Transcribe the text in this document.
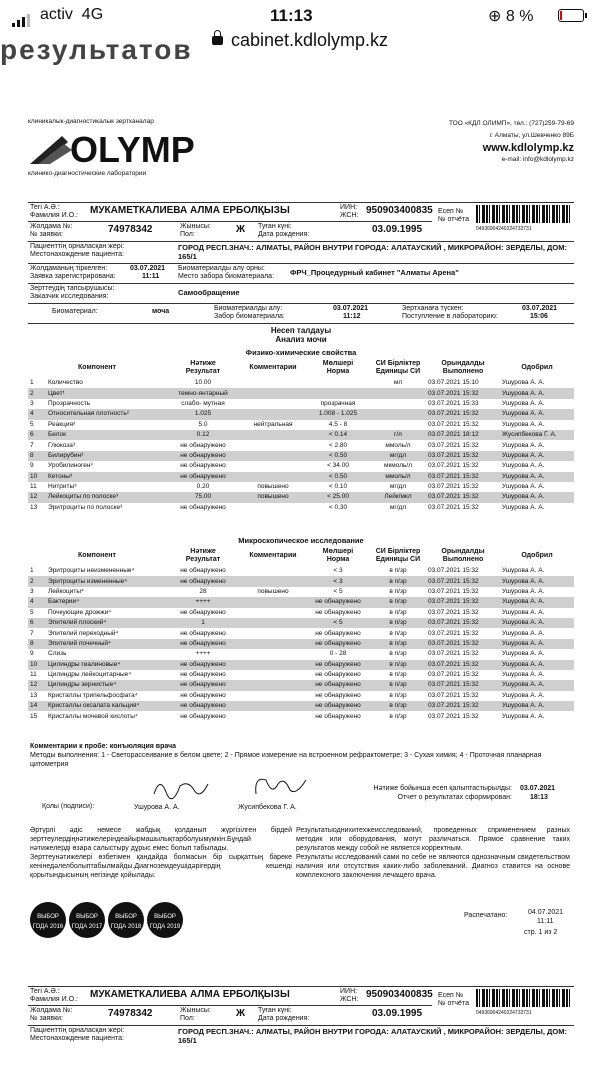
activ 4G	11:13	⊕ 8 %
cabinet.kdlolymp.kz
результатов
клиникалык-диагностикалык зертханалар
OLYMP
клинико-диагностические лаборатории
ТОО «КДЛ ОЛИМП», тел.: (727)259-79-69
г. Алматы, ул.Шевченко 89Б
www.kdlolymp.kz
e-mail: info@kdlolymp.kz
Тегі А.Ә.:
Фамилия И.О.: МУКАМЕТКАЛИЕВА АЛМА ЕРБОЛҚЫЗЫ	ИИН:
ЖСН: 950903400835 Есеп №
№ отчёта
04936904240224733731
Жолдама №:
№ заявки:	74978342	Жынысы:
Пол:	Ж Туған күні:
Дата рождения:	03.09.1995
Пациенттің орналасқан жері:
Местонахождение пациента:
ГОРОД РЕСП.ЗНАЧ.: АЛМАТЫ, РАЙОН ВНУТРИ ГОРОДА: АЛАТАУСКИЙ , МИКРОРАЙОН: ЗЕРДЕЛЫ, ДОМ: 165/1
Жолдаманың тіркелген:
Заявка зарегистрирована:
03.07.2021
11:11
Биоматериалды алу орны:
Место забора биоматериала: ФРЧ_Процедурный кабинет "Алматы Арена"
Зерттеудің тапсырушысы:
Заказчик исследования:	Самообращение
Биоматериал:	моча	Биоматериалды алу:
Забор биоматериала:
03.07.2021
11:12
Зертханаға түскен:
Поступление в лабораторию:
03.07.2021
15:06
Несеп талдауы
Анализ мочи
Физико-химические свойства
Компонент		Нәтиже
Результат	Комментарии	Мөлшері
Норма	СИ Бірліктер
Единицы СИ	Орындалды
Выполнено	Одобрил
1	Количество	10.00			мл	03.07.2021 15:10	Ушурова А. А.
2	Цвет¹	темно-янтарный				03.07.2021 15:32	Ушурова А. А.
3	Прозрачность	слабо- мутная		прозрачная		03.07.2021 15:33	Ушурова А. А.
4	Относительная плотность²	1.025		1.008 - 1.025		03.07.2021 15:32	Ушурова А. А.
5	Реакция³	5.0	нейтральная	4.5 - 8		03.07.2021 15:32	Ушурова А. А.
6	Белок	0.12		< 0.14	г/л	03.07.2021 18:12	Жусипбекова Г. А.
7	Глюкоза³	не обнаружено		< 2.80	ммоль/л	03.07.2021 15:32	Ушурова А. А.
8	Билирубин³	не обнаружено		< 0.50	мг/дл	03.07.2021 15:32	Ушурова А. А.
9	Уробилиноген³	не обнаружено		< 34.00	мкмоль/л	03.07.2021 15:32	Ушурова А. А.
10	Кетоны³	не обнаружено		< 0.50	ммоль/л	03.07.2021 15:32	Ушурова А. А.
11	Нитриты³	0.20	повышено	< 0.10	мг/дл	03.07.2021 15:32	Ушурова А. А.
12	Лейкоциты по полоске³	75.00	повышено	< 25.00	Лейк/мкл	03.07.2021 15:32	Ушурова А. А.
13	Эритроциты по полоске³	не обнаружено		< 0.30	мг/дл	03.07.2021 15:32	Ушурова А. А.
Микроскопическое исследование
Компонент		Нәтиже
Результат	Комментарии	Мөлшері
Норма	СИ Бірліктер
Единицы СИ	Орындалды
Выполнено	Одобрил
1	Эритроциты неизмененные⁴	не обнаружено		< 3	в п/зр	03.07.2021 15:32	Ушурова А. А.
2	Эритроциты измененные⁴	не обнаружено		< 3	в п/зр	03.07.2021 15:32	Ушурова А. А.
3	Лейкоциты⁴	28	повышено	< 5	в п/зр	03.07.2021 15:32	Ушурова А. А.
4	Бактерии⁴	++++		не обнаружено	в п/зр	03.07.2021 15:32	Ушурова А. А.
5	Почкующие дрожжи⁴	не обнаружено		не обнаружено	в п/зр	03.07.2021 15:32	Ушурова А. А.
6	Эпителий плоский⁴	1		< 5	в п/зр	03.07.2021 15:32	Ушурова А. А.
7	Эпителий переходный⁴	не обнаружено		не обнаружено	в п/зр	03.07.2021 15:32	Ушурова А. А.
8	Эпителий почечный⁴	не обнаружено		не обнаружено	в п/зр	03.07.2021 15:32	Ушурова А. А.
9	Слизь	++++		0 - 28	в п/зр	03.07.2021 15:32	Ушурова А. А.
10	Цилиндры гиалиновые⁴	не обнаружено		не обнаружено	в п/зр	03.07.2021 15:32	Ушурова А. А.
11	Цилиндры лейкоцитарные⁴	не обнаружено		не обнаружено	в п/зр	03.07.2021 15:32	Ушурова А. А.
12	Цилиндры зернистые⁴	не обнаружено		не обнаружено	в п/зр	03.07.2021 15:32	Ушурова А. А.
13	Кристаллы трипельфосфата⁴	не обнаружено		не обнаружено	в п/зр	03.07.2021 15:32	Ушурова А. А.
14	Кристаллы оксалата кальция⁴	не обнаружено		не обнаружено	в п/зр	03.07.2021 15:32	Ушурова А. А.
15	Кристаллы мочевой кислоты⁴	не обнаружено		не обнаружено	в п/зр	03.07.2021 15:32	Ушурова А. А.
Комментарии к пробе: конъюляция врача
Методы выполнения: 1 - Светорассеивание в белом цвете; 2 - Прямое измерение на встроенном рефрактометре; 3 - Сухая химия; 4 - Проточная планарная цитометрия
Қолы (подписи):	Ушурова А. А.	Жусипбекова Г. А.
Нәтиже бойынша есеп қалыптастырылды:
Отчет о результатах сформирован:
03.07.2021
18:13
Әртүрлі әдіс немесе жабдық қолданып жүргізілген бірдей зерттеулердіңнәтижелеріндеайырмашылықтарболуымүмкін.Бұндай нәтижелерді өзара салыстыру дұрыс емес болып табылады.
Зерттеунәтижелері өзбетімен қандайда болмасын бір сырқаттың бареке кенінедәлелболыптабылмайды.Диагноземдеушідәрігердің кешенді қорытындысының негізінде қойылады.
Результатыоднихитехжеисследований, проведенных сприменением разных методик или оборудования, могут различаться. Прямое сравнение таких результатов между собой не является корректным.
Результаты исследований сами по себе не являются однозначным свидетельством наличия или отсутствия каких-либо заболеваний. Диагноз ставится на основе комплексного заключения лечащего врача.

ВЫБОР ГОДА 2016
ВЫБОР ГОДА 2017
ВЫБОР ГОДА 2018
ВЫБОР ГОДА 2019
Распечатано:	04.07.2021
11:11
стр. 1 из 2
Тегі А.Ә.:
Фамилия И.О.: МУКАМЕТКАЛИЕВА АЛМА ЕРБОЛҚЫЗЫ	ИИН:
ЖСН: 950903400835 Есеп №
№ отчёта
04936904240224733731
Жолдама №:
№ заявки:	74978342	Жынысы:
Пол:	Ж Туған күні:
Дата рождения:	03.09.1995
Пациенттің орналасқан жері:
Местонахождение пациента:
ГОРОД РЕСП.ЗНАЧ.: АЛМАТЫ, РАЙОН ВНУТРИ ГОРОДА: АЛАТАУСКИЙ , МИКРОРАЙОН: ЗЕРДЕЛЫ, ДОМ: 165/1
